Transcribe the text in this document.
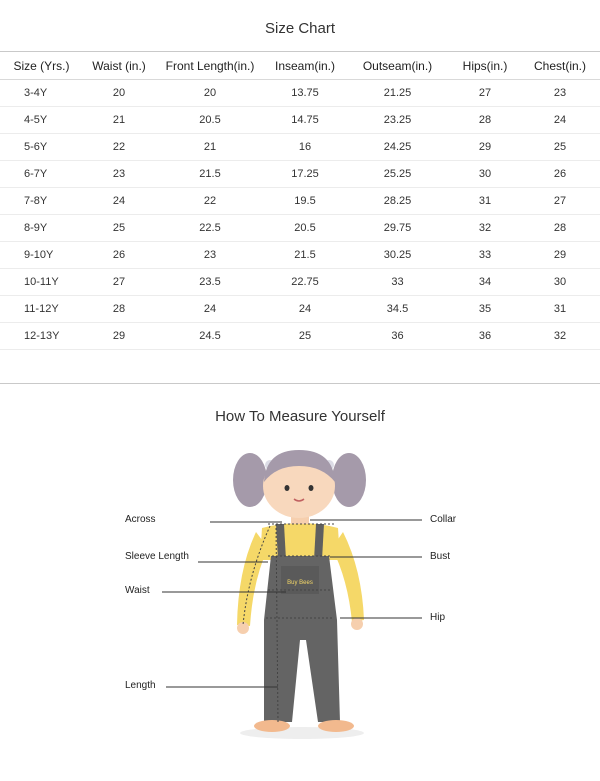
Size Chart
Size (Yrs.)	Waist (in.)	Front Length(in.)	Inseam(in.)	Outseam(in.)	Hips(in.)	Chest(in.)
3-4Y	20	20	13.75	21.25	27	23
4-5Y	21	20.5	14.75	23.25	28	24
5-6Y	22	21	16	24.25	29	25
6-7Y	23	21.5	17.25	25.25	30	26
7-8Y	24	22	19.5	28.25	31	27
8-9Y	25	22.5	20.5	29.75	32	28
9-10Y	26	23	21.5	30.25	33	29
10-11Y	27	23.5	22.75	33	34	30
11-12Y	28	24	24	34.5	35	31
12-13Y	29	24.5	25	36	36	32
How To Measure Yourself
Buy Bees
Across
Sleeve Length
Waist
Length
Collar
Bust
Hip
